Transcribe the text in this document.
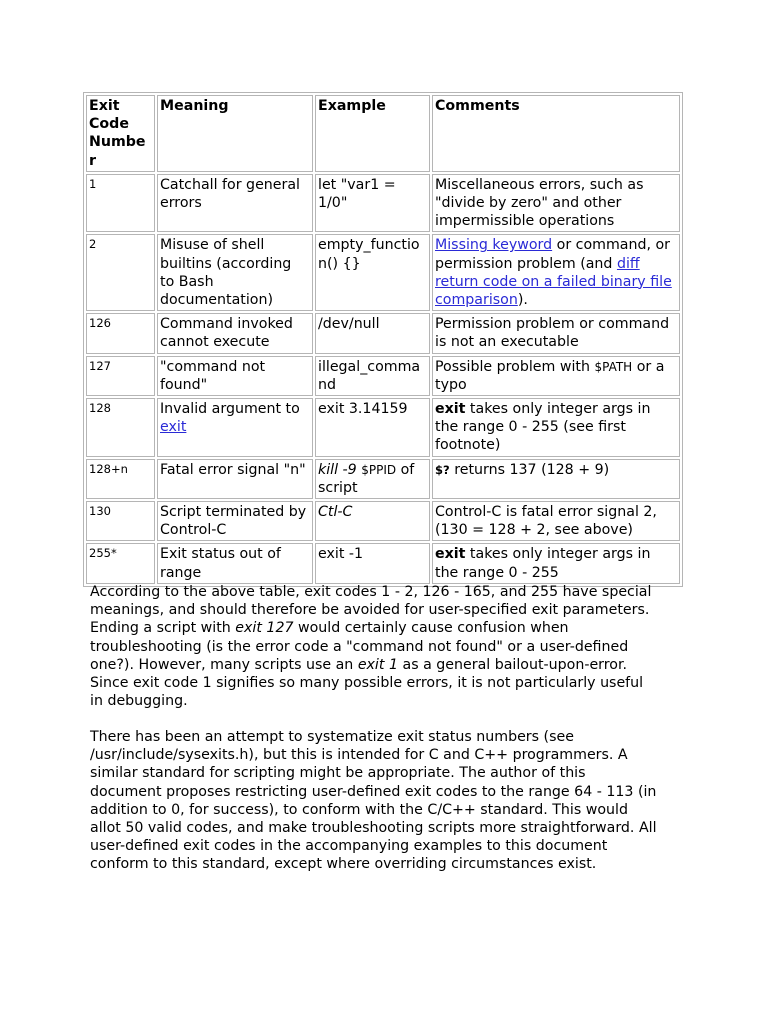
Exit Code Number	Meaning	Example	Comments
1	Catchall for general errors	let "var1 = 1/0"	Miscellaneous errors, such as "divide by zero" and other impermissible operations
2	Misuse of shell builtins (according to Bash documentation)	empty_function() {}	Missing keyword or command, or permission problem (and diff return code on a failed binary file comparison).
126	Command invoked cannot execute	/dev/null	Permission problem or command is not an executable
127	"command not found"	illegal_command	Possible problem with $PATH or a typo
128	Invalid argument to exit	exit 3.14159	exit takes only integer args in the range 0 - 255 (see first footnote)
128+n	Fatal error signal "n"	kill -9 $PPID of script	$? returns 137 (128 + 9)
130	Script terminated by Control-C	Ctl-C	Control-C is fatal error signal 2, (130 = 128 + 2, see above)
255*	Exit status out of range	exit -1	exit takes only integer args in the range 0 - 255

According to the above table, exit codes 1 - 2, 126 - 165, and 255 have special meanings, and should therefore be avoided for user-specified exit parameters. Ending a script with exit 127 would certainly cause confusion when troubleshooting (is the error code a "command not found" or a user-defined one?). However, many scripts use an exit 1 as a general bailout-upon-error. Since exit code 1 signifies so many possible errors, it is not particularly useful in debugging.

There has been an attempt to systematize exit status numbers (see /usr/include/sysexits.h), but this is intended for C and C++ programmers. A similar standard for scripting might be appropriate. The author of this document proposes restricting user-defined exit codes to the range 64 - 113 (in addition to 0, for success), to conform with the C/C++ standard. This would allot 50 valid codes, and make troubleshooting scripts more straightforward. All user-defined exit codes in the accompanying examples to this document conform to this standard, except where overriding circumstances exist.
